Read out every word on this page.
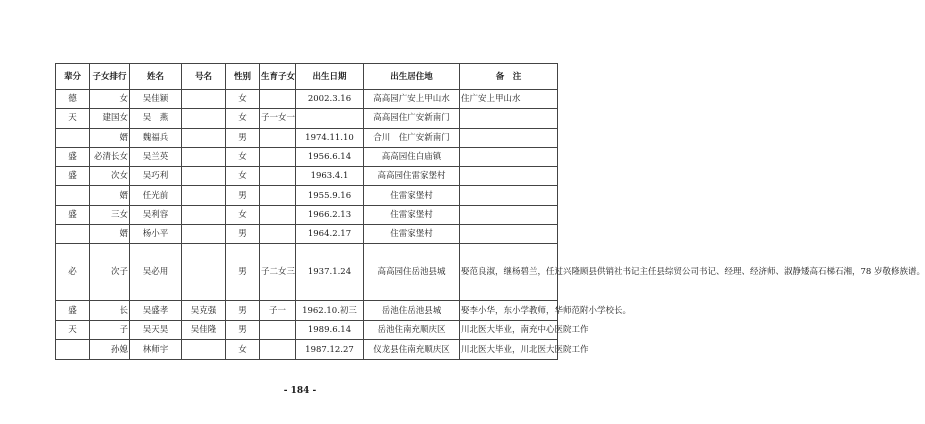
辈分	子女排行	姓名	号名	性别	生育子女	出生日期	出生居住地	备　注
德	女	吴佳颖		女		2002.3.16	高高园广安上甲山水	住广安上甲山水
天	建国女	吴　燕		女	子一女一		高高园住广安新南门	
	婿	魏福兵		男		1974.11.10	合川　住广安新南门	
盛	必清长女	吴兰英		女		1956.6.14	高高园住白庙镇	
盛	次女	吴巧利		女		1963.4.1	高高园住雷家堡村	
	婿	任光前		男		1955.9.16	住雷家堡村	
盛	三女	吴利容		女		1966.2.13	住雷家堡村	
	婿	杨小平		男		1964.2.17	住雷家堡村	
必	次子	吴必用		男	子二女三	1937.1.24	高高园住岳池县城	娶范良淑，继杨碧兰，任过兴隆顾县供销社书记主任县综贸公司书记、经理、经济师、淑静矮高石梯石湘，78 岁敬修族谱。
盛	长	吴盛孝	吴克强	男	子一	1962.10.初三	岳池住岳池县城	娶李小华，东小学教师，华师范附小学校长。
天	子	吴天昊	吴佳隆	男		1989.6.14	岳池住南充顺庆区	川北医大毕业，南充中心医院工作
	孙媳	林师宇		女		1987.12.27	仪龙县住南充顺庆区	川北医大毕业，川北医大医院工作
- 184 -
